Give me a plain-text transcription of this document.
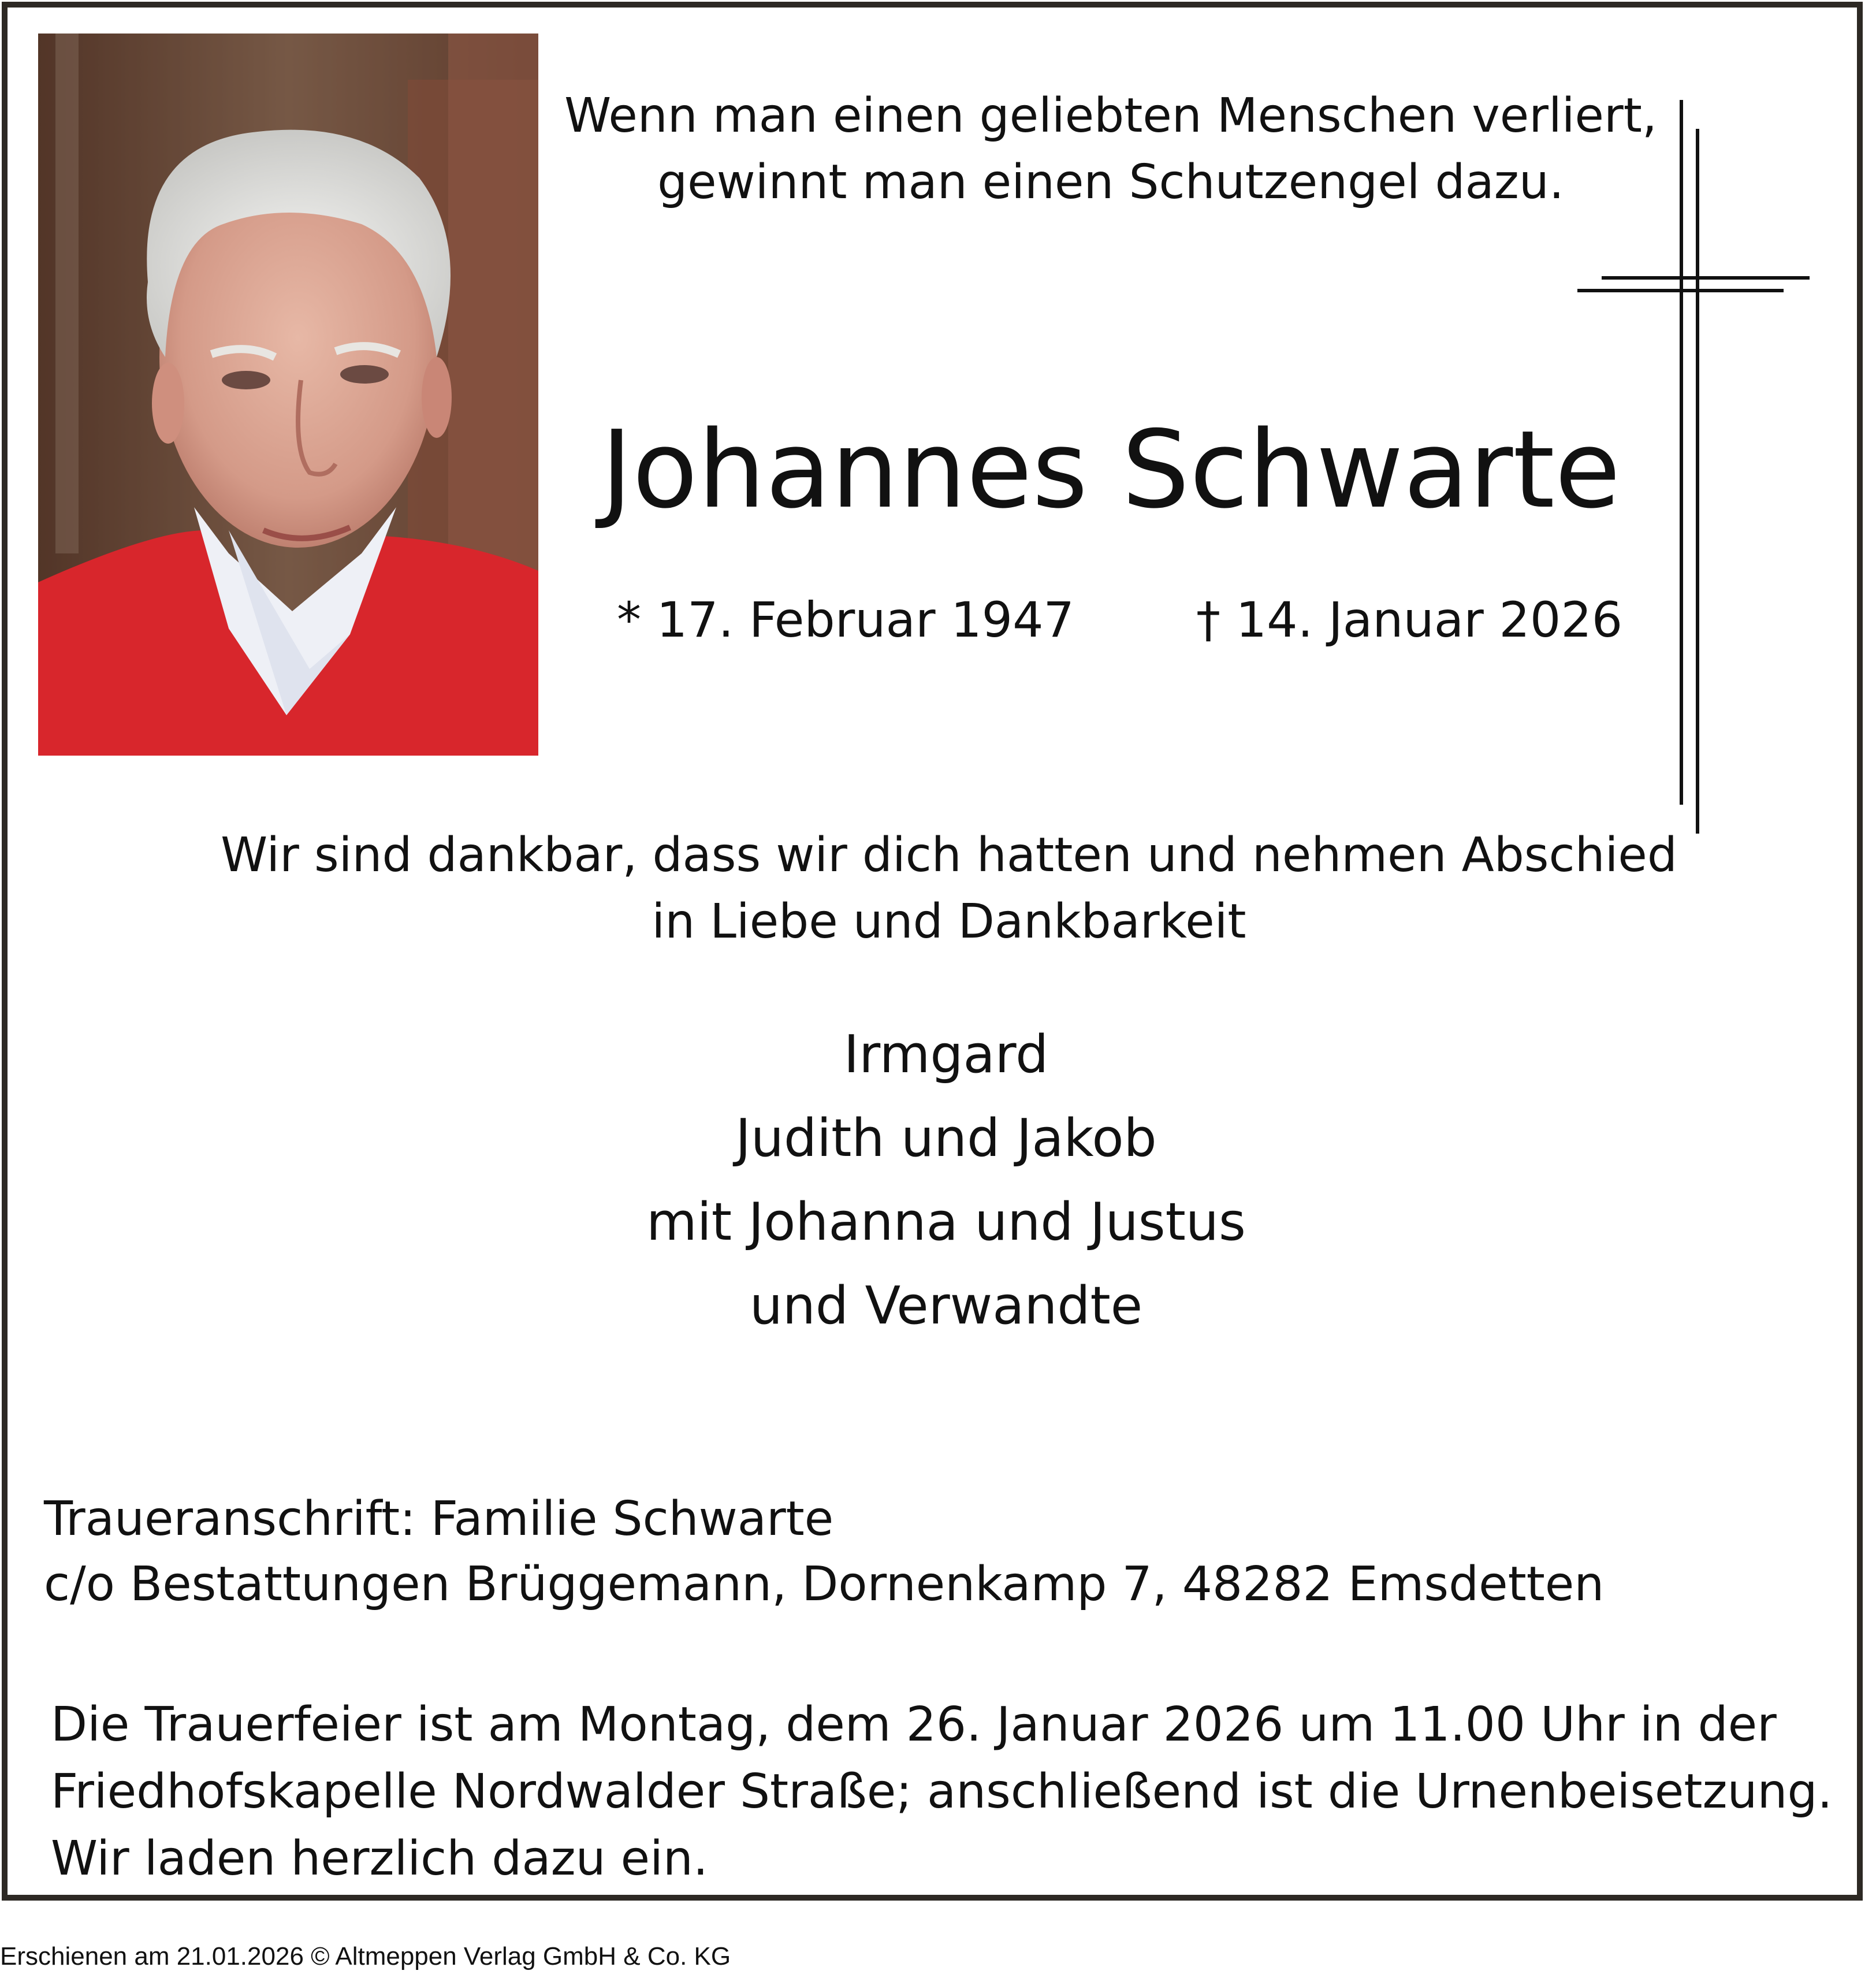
Wenn man einen geliebten Menschen verliert,
gewinnt man einen Schutzengel dazu.
Johannes Schwarte
* 17. Februar 1947	† 14. Januar 2026
Wir sind dankbar, dass wir dich hatten und nehmen Abschied
in Liebe und Dankbarkeit
Irmgard
Judith und Jakob
mit Johanna und Justus
und Verwandte
Traueranschrift: Familie Schwarte
c/o Bestattungen Brüggemann, Dornenkamp 7, 48282 Emsdetten
Die Trauerfeier ist am Montag, dem 26. Januar 2026 um 11.00 Uhr in der
Friedhofskapelle Nordwalder Straße; anschließend ist die Urnenbeisetzung.
Wir laden herzlich dazu ein.
Erschienen am 21.01.2026 © Altmeppen Verlag GmbH & Co. KG
